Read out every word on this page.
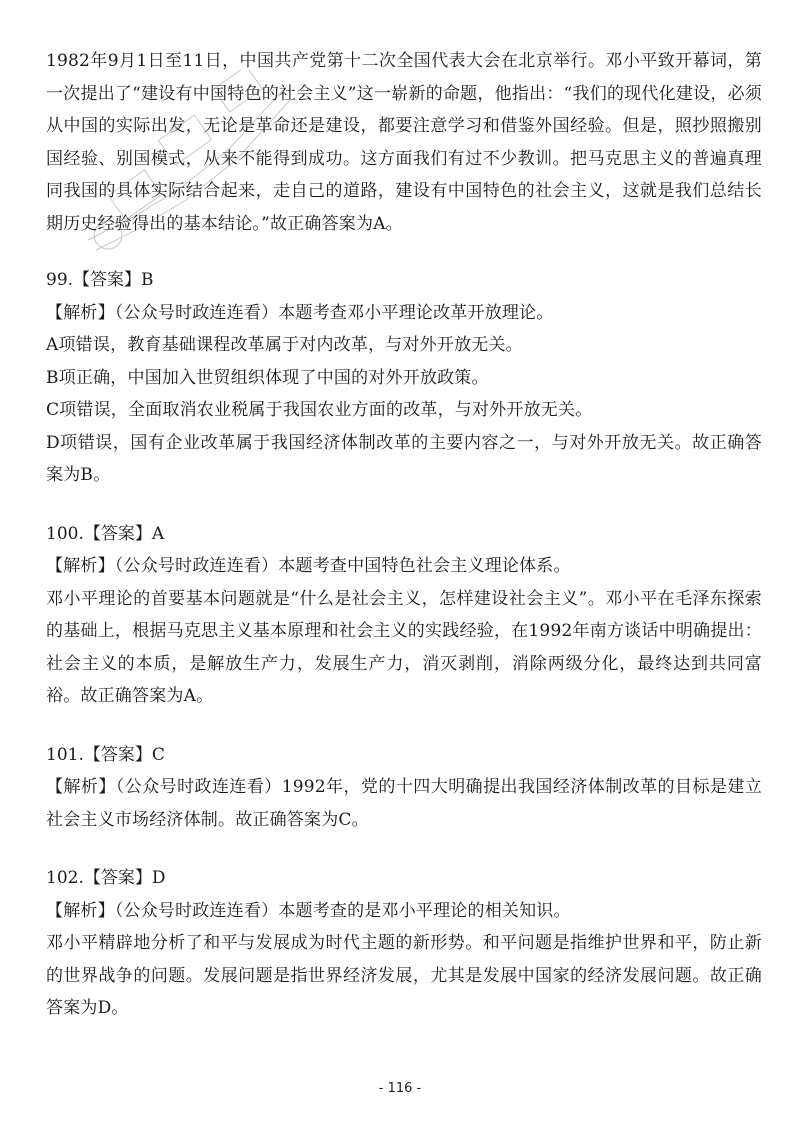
1982年9月1日至11日，中国共产党第十二次全国代表大会在北京举行。邓小平致开幕词，第一次提出了“建设有中国特色的社会主义”这一崭新的命题，他指出：“我们的现代化建设，必须从中国的实际出发，无论是革命还是建设，都要注意学习和借鉴外国经验。但是，照抄照搬别国经验、别国模式，从来不能得到成功。这方面我们有过不少教训。把马克思主义的普遍真理同我国的具体实际结合起来，走自己的道路，建设有中国特色的社会主义，这就是我们总结长期历史经验得出的基本结论。”故正确答案为A。

99.【答案】B

【解析】（公众号时政连连看）本题考查邓小平理论改革开放理论。

A项错误，教育基础课程改革属于对内改革，与对外开放无关。

B项正确，中国加入世贸组织体现了中国的对外开放政策。

C项错误，全面取消农业税属于我国农业方面的改革，与对外开放无关。

D项错误，国有企业改革属于我国经济体制改革的主要内容之一，与对外开放无关。故正确答案为B。

100.【答案】A

【解析】（公众号时政连连看）本题考查中国特色社会主义理论体系。

邓小平理论的首要基本问题就是“什么是社会主义，怎样建设社会主义”。邓小平在毛泽东探索的基础上，根据马克思主义基本原理和社会主义的实践经验，在1992年南方谈话中明确提出：社会主义的本质，是解放生产力，发展生产力，消灭剥削，消除两级分化，最终达到共同富裕。故正确答案为A。

101.【答案】C

【解析】（公众号时政连连看）1992年，党的十四大明确提出我国经济体制改革的目标是建立社会主义市场经济体制。故正确答案为C。

102.【答案】D

【解析】（公众号时政连连看）本题考查的是邓小平理论的相关知识。

邓小平精辟地分析了和平与发展成为时代主题的新形势。和平问题是指维护世界和平，防止新的世界战争的问题。发展问题是指世界经济发展，尤其是发展中国家的经济发展问题。故正确答案为D。

- 116 -
